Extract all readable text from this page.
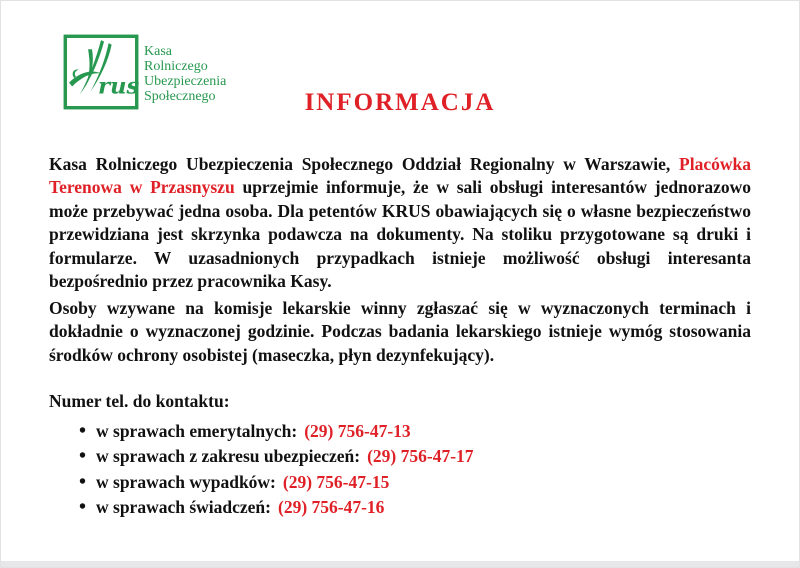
rus
Kasa
Rolniczego
Ubezpieczenia
Społecznego	INFORMACJA

Kasa Rolniczego Ubezpieczenia Społecznego Oddział Regionalny w Warszawie, Placówka Terenowa w Przasnyszu uprzejmie informuje, że w sali obsługi interesantów jednorazowo może przebywać jedna osoba. Dla petentów KRUS obawiających się o własne bezpieczeństwo przewidziana jest skrzynka podawcza na dokumenty. Na stoliku przygotowane są druki i formularze. W uzasadnionych przypadkach istnieje możliwość obsługi interesanta bezpośrednio przez pracownika Kasy.

Osoby wzywane na komisje lekarskie winny zgłaszać się w wyznaczonych terminach i dokładnie o wyznaczonej godzinie. Podczas badania lekarskiego istnieje wymóg stosowania środków ochrony osobistej (maseczka, płyn dezynfekujący).

Numer tel. do kontaktu:

• w sprawach emerytalnych: (29) 756-47-13
• w sprawach z zakresu ubezpieczeń: (29) 756-47-17
• w sprawach wypadków: (29) 756-47-15
• w sprawach świadczeń: (29) 756-47-16
